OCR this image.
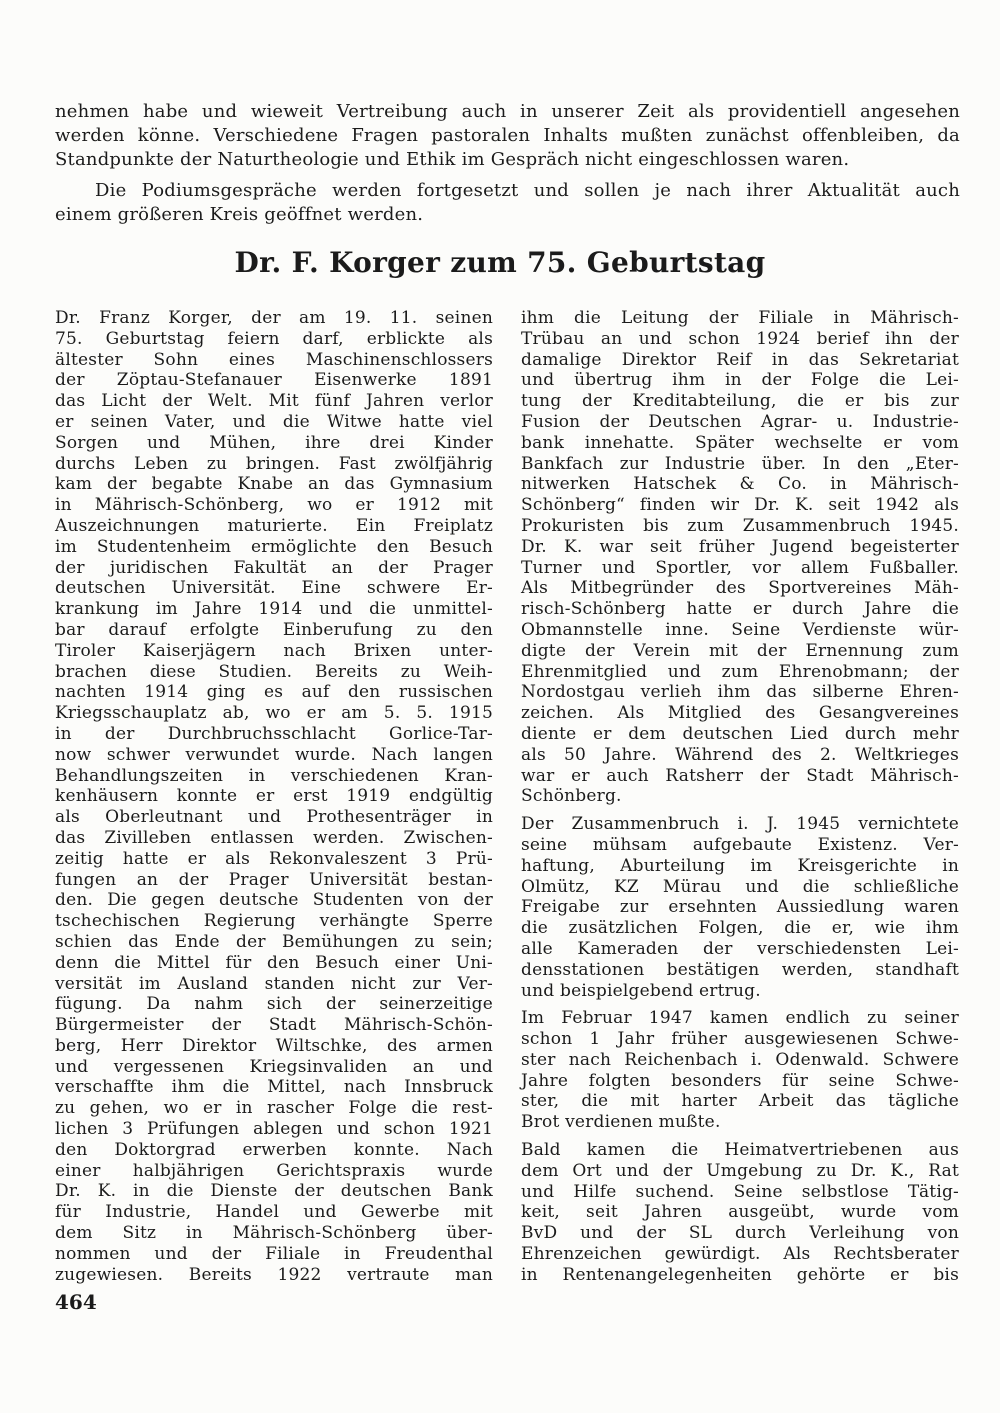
nehmen habe und wieweit Vertreibung auch in unserer Zeit als providentiell angesehen
werden könne. Verschiedene Fragen pastoralen Inhalts mußten zunächst offenbleiben, da
Standpunkte der Naturtheologie und Ethik im Gespräch nicht eingeschlossen waren.
Die Podiumsgespräche werden fortgesetzt und sollen je nach ihrer Aktualität auch
einem größeren Kreis geöffnet werden.
Dr. F. Korger zum 75. Geburtstag
Dr. Franz Korger, der am 19. 11. seinen
75. Geburtstag feiern darf, erblickte als
ältester Sohn eines Maschinenschlossers
der Zöptau-Stefanauer Eisenwerke 1891
das Licht der Welt. Mit fünf Jahren verlor
er seinen Vater, und die Witwe hatte viel
Sorgen und Mühen, ihre drei Kinder
durchs Leben zu bringen. Fast zwölfjährig
kam der begabte Knabe an das Gymnasium
in Mährisch-Schönberg, wo er 1912 mit
Auszeichnungen maturierte. Ein Freiplatz
im Studentenheim ermöglichte den Besuch
der juridischen Fakultät an der Prager
deutschen Universität. Eine schwere Er-
krankung im Jahre 1914 und die unmittel-
bar darauf erfolgte Einberufung zu den
Tiroler Kaiserjägern nach Brixen unter-
brachen diese Studien. Bereits zu Weih-
nachten 1914 ging es auf den russischen
Kriegsschauplatz ab, wo er am 5. 5. 1915
in der Durchbruchsschlacht Gorlice-Tar-
now schwer verwundet wurde. Nach langen
Behandlungszeiten in verschiedenen Kran-
kenhäusern konnte er erst 1919 endgültig
als Oberleutnant und Prothesenträger in
das Zivilleben entlassen werden. Zwischen-
zeitig hatte er als Rekonvaleszent 3 Prü-
fungen an der Prager Universität bestan-
den. Die gegen deutsche Studenten von der
tschechischen Regierung verhängte Sperre
schien das Ende der Bemühungen zu sein;
denn die Mittel für den Besuch einer Uni-
versität im Ausland standen nicht zur Ver-
fügung. Da nahm sich der seinerzeitige
Bürgermeister der Stadt Mährisch-Schön-
berg, Herr Direktor Wiltschke, des armen
und vergessenen Kriegsinvaliden an und
verschaffte ihm die Mittel, nach Innsbruck
zu gehen, wo er in rascher Folge die rest-
lichen 3 Prüfungen ablegen und schon 1921
den Doktorgrad erwerben konnte. Nach
einer halbjährigen Gerichtspraxis wurde
Dr. K. in die Dienste der deutschen Bank
für Industrie, Handel und Gewerbe mit
dem Sitz in Mährisch-Schönberg über-
nommen und der Filiale in Freudenthal
zugewiesen. Bereits 1922 vertraute man
ihm die Leitung der Filiale in Mährisch-
Trübau an und schon 1924 berief ihn der
damalige Direktor Reif in das Sekretariat
und übertrug ihm in der Folge die Lei-
tung der Kreditabteilung, die er bis zur
Fusion der Deutschen Agrar- u. Industrie-
bank innehatte. Später wechselte er vom
Bankfach zur Industrie über. In den „Eter-
nitwerken Hatschek & Co. in Mährisch-
Schönberg“ finden wir Dr. K. seit 1942 als
Prokuristen bis zum Zusammenbruch 1945.
Dr. K. war seit früher Jugend begeisterter
Turner und Sportler, vor allem Fußballer.
Als Mitbegründer des Sportvereines Mäh-
risch-Schönberg hatte er durch Jahre die
Obmannstelle inne. Seine Verdienste wür-
digte der Verein mit der Ernennung zum
Ehrenmitglied und zum Ehrenobmann; der
Nordostgau verlieh ihm das silberne Ehren-
zeichen. Als Mitglied des Gesangvereines
diente er dem deutschen Lied durch mehr
als 50 Jahre. Während des 2. Weltkrieges
war er auch Ratsherr der Stadt Mährisch-
Schönberg.
Der Zusammenbruch i. J. 1945 vernichtete
seine mühsam aufgebaute Existenz. Ver-
haftung, Aburteilung im Kreisgerichte in
Olmütz, KZ Mürau und die schließliche
Freigabe zur ersehnten Aussiedlung waren
die zusätzlichen Folgen, die er, wie ihm
alle Kameraden der verschiedensten Lei-
densstationen bestätigen werden, standhaft
und beispielgebend ertrug.
Im Februar 1947 kamen endlich zu seiner
schon 1 Jahr früher ausgewiesenen Schwe-
ster nach Reichenbach i. Odenwald. Schwere
Jahre folgten besonders für seine Schwe-
ster, die mit harter Arbeit das tägliche
Brot verdienen mußte.
Bald kamen die Heimatvertriebenen aus
dem Ort und der Umgebung zu Dr. K., Rat
und Hilfe suchend. Seine selbstlose Tätig-
keit, seit Jahren ausgeübt, wurde vom
BvD und der SL durch Verleihung von
Ehrenzeichen gewürdigt. Als Rechtsberater
in Rentenangelegenheiten gehörte er bis
464
